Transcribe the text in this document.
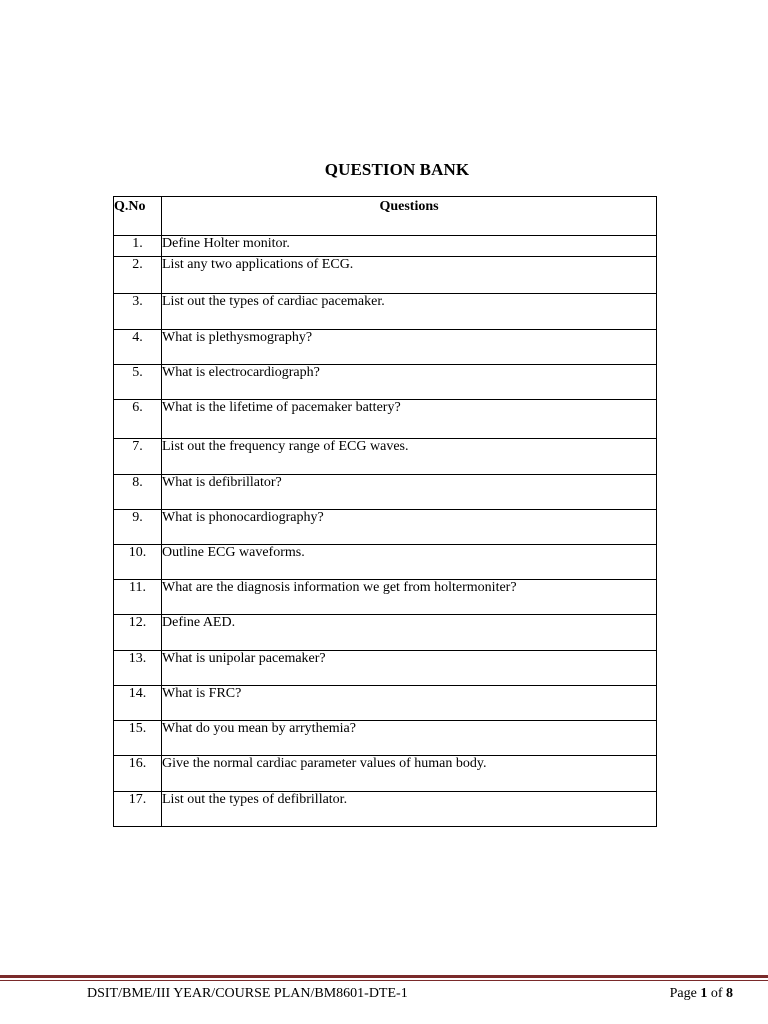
QUESTION BANK
Q.No	Questions
1.	Define Holter monitor.
2.	List any two applications of ECG.
3.	List out the types of cardiac pacemaker.
4.	What is plethysmography?
5.	What is electrocardiograph?
6.	What is the lifetime of pacemaker battery?
7.	List out the frequency range of ECG waves.
8.	What is defibrillator?
9.	What is phonocardiography?
10.	Outline ECG waveforms.
11.	What are the diagnosis information we get from holtermoniter?
12.	Define AED.
13.	What is unipolar pacemaker?
14.	What is FRC?
15.	What do you mean by arrythemia?
16.	Give the normal cardiac parameter values of human body.
17.	List out the types of defibrillator.
DSIT/BME/III YEAR/COURSE PLAN/BM8601-DTE-1	Page 1 of 8
